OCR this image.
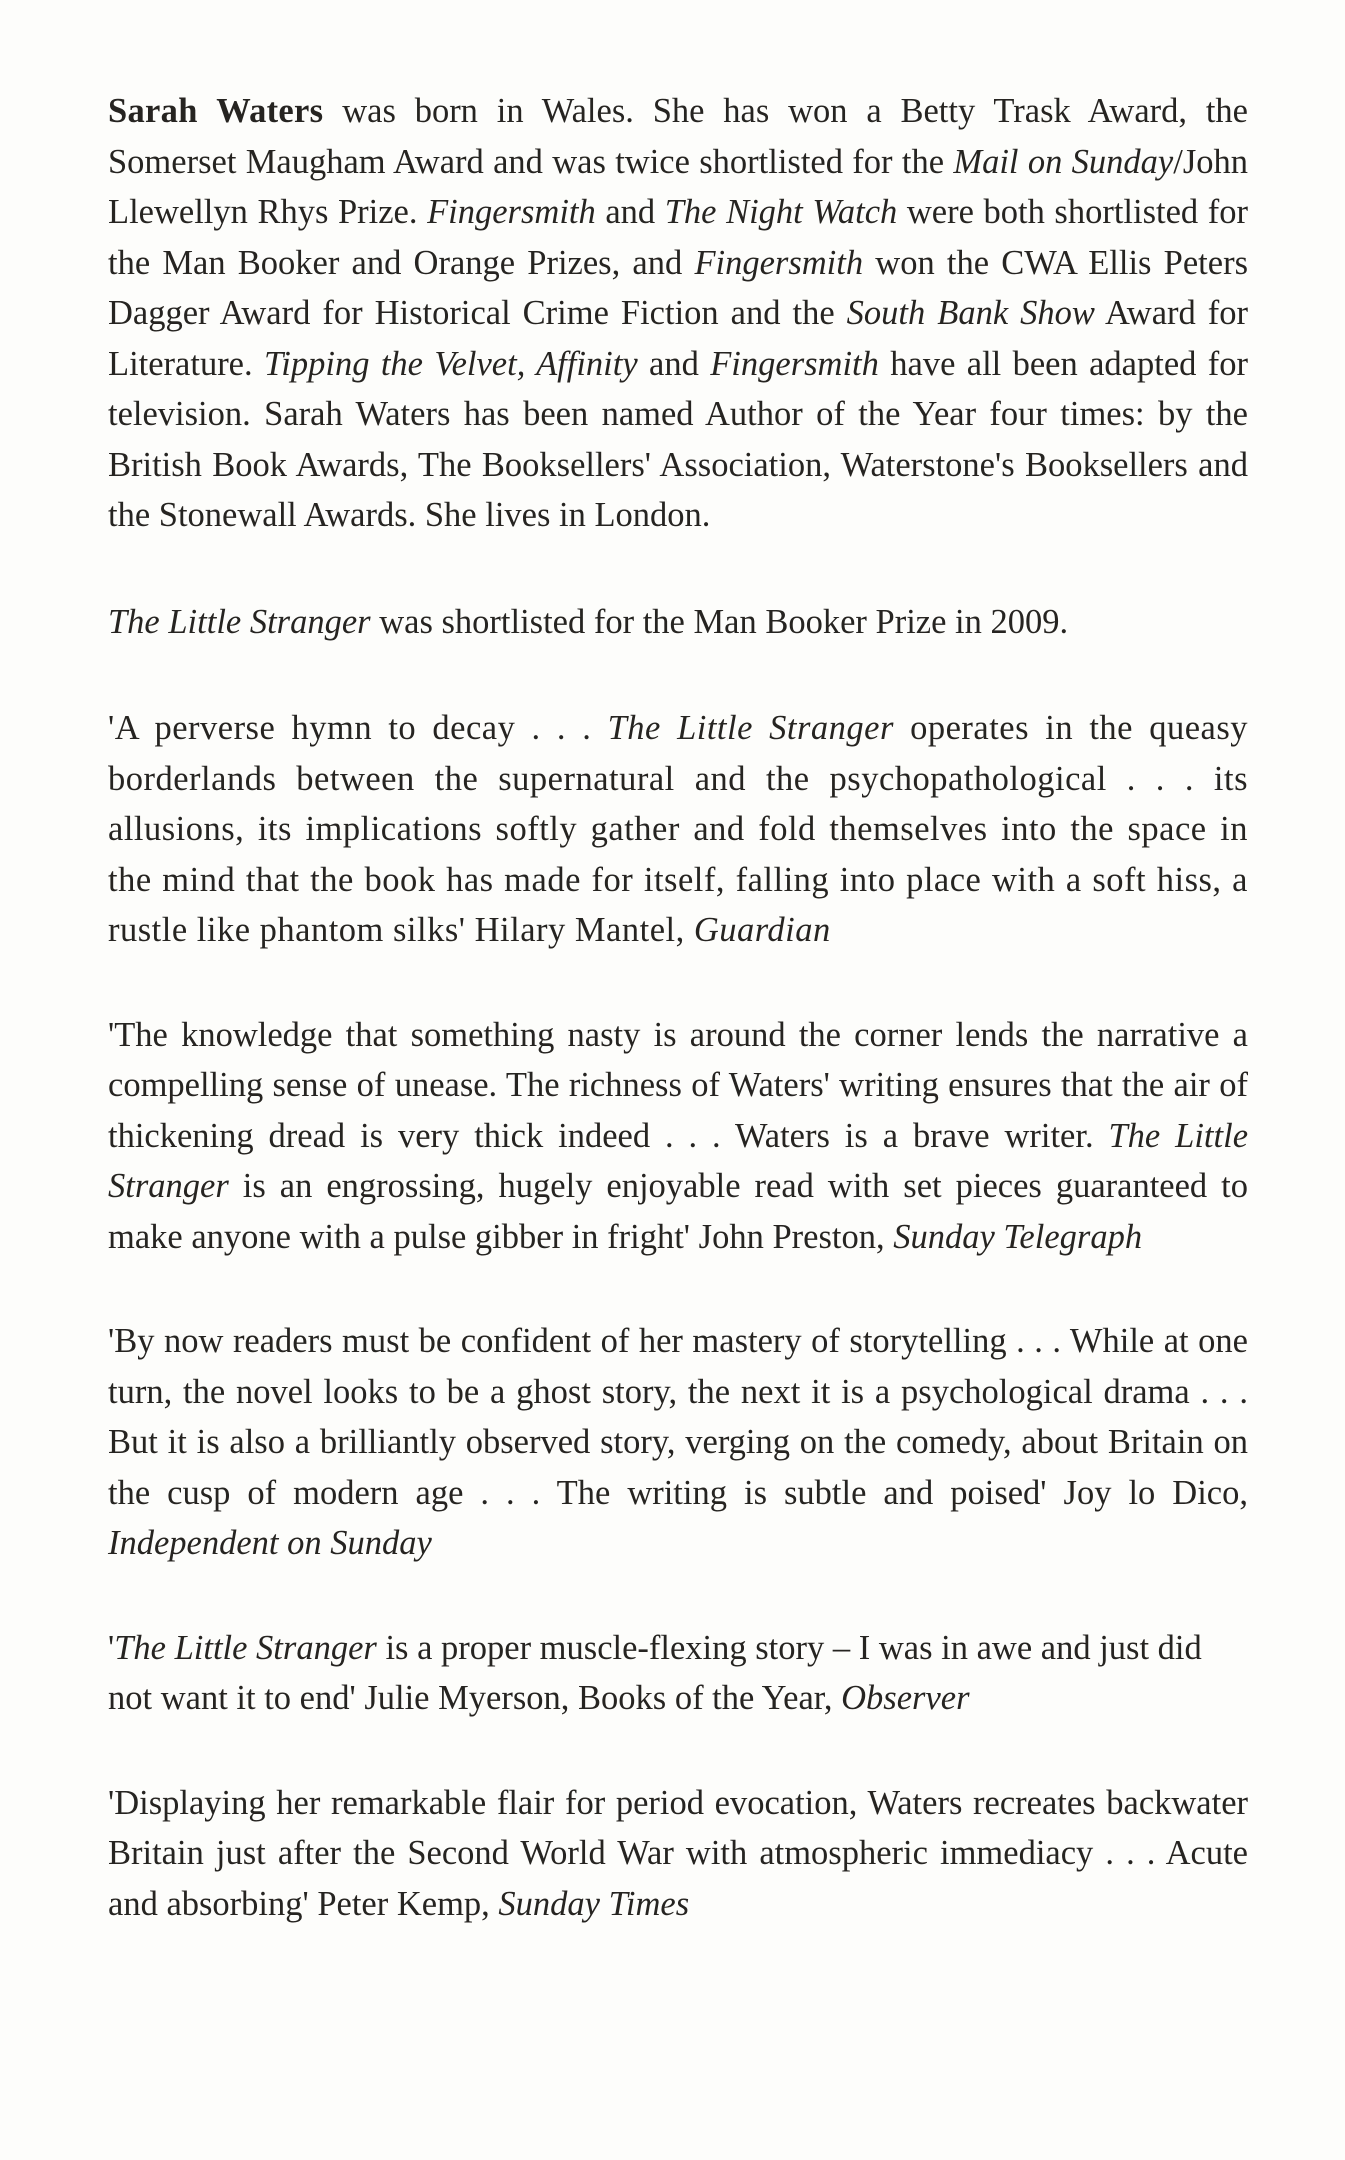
Sarah Waters was born in Wales. She has won a Betty Trask Award, the Somerset Maugham Award and was twice shortlisted for the Mail on Sunday/John Llewellyn Rhys Prize. Fingersmith and The Night Watch were both shortlisted for the Man Booker and Orange Prizes, and Fingersmith won the CWA Ellis Peters Dagger Award for Historical Crime Fiction and the South Bank Show Award for Literature. Tipping the Velvet, Affinity and Fingersmith have all been adapted for television. Sarah Waters has been named Author of the Year four times: by the British Book Awards, The Booksellers' Association, Waterstone's Booksellers and the Stonewall Awards. She lives in London.

The Little Stranger was shortlisted for the Man Booker Prize in 2009.

'A perverse hymn to decay . . . The Little Stranger operates in the queasy borderlands between the supernatural and the psychopathological . . . its allusions, its implications softly gather and fold themselves into the space in the mind that the book has made for itself, falling into place with a soft hiss, a rustle like phantom silks' Hilary Mantel, Guardian

'The knowledge that something nasty is around the corner lends the narrative a compelling sense of unease. The richness of Waters' writing ensures that the air of thickening dread is very thick indeed . . . Waters is a brave writer. The Little Stranger is an engrossing, hugely enjoyable read with set pieces guaranteed to make anyone with a pulse gibber in fright' John Preston, Sunday Telegraph

'By now readers must be confident of her mastery of storytelling . . . While at one turn, the novel looks to be a ghost story, the next it is a psychological drama . . . But it is also a brilliantly observed story, verging on the comedy, about Britain on the cusp of modern age . . . The writing is subtle and poised' Joy lo Dico, Independent on Sunday

'The Little Stranger is a proper muscle-flexing story – I was in awe and just did not want it to end' Julie Myerson, Books of the Year, Observer

'Displaying her remarkable flair for period evocation, Waters recreates backwater Britain just after the Second World War with atmospheric immediacy . . . Acute and absorbing' Peter Kemp, Sunday Times
